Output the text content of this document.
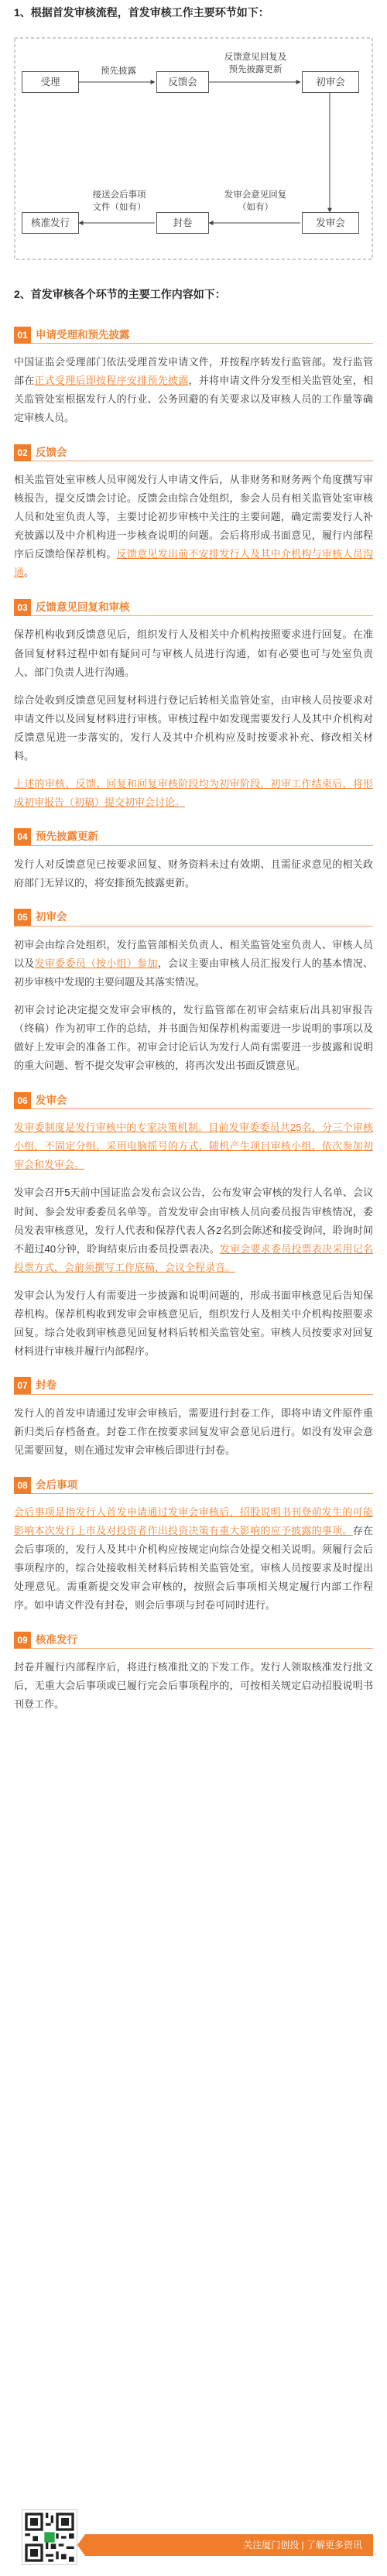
1、根据首发审核流程，首发审核工作主要环节如下：
受理	反馈会	初审会
核准发行	封卷	发审会
预先披露
反馈意见回复及
预先披露更新
接送会后事项
文件（如有）
发审会意见回复
（如有）
2、首发审核各个环节的主要工作内容如下：
01 申请受理和预先披露

中国证监会受理部门依法受理首发申请文件，并按程序转发行监管部。发行监管部在正式受理后即按程序安排预先披露，并将申请文件分发至相关监管处室，相关监管处室根据发行人的行业、公务回避的有关要求以及审核人员的工作量等确定审核人员。

02 反馈会

相关监管处室审核人员审阅发行人申请文件后，从非财务和财务两个角度撰写审核报告，提交反馈会讨论。反馈会由综合处组织，参会人员有相关监管处室审核人员和处室负责人等，主要讨论初步审核中关注的主要问题，确定需要发行人补充披露以及中介机构进一步核查说明的问题。会后将形成书面意见，履行内部程序后反馈给保荐机构。反馈意见发出前不安排发行人及其中介机构与审核人员沟通。

03 反馈意见回复和审核

保荐机构收到反馈意见后，组织发行人及相关中介机构按照要求进行回复。在准备回复材料过程中如有疑问可与审核人员进行沟通，如有必要也可与处室负责人、部门负责人进行沟通。

综合处收到反馈意见回复材料进行登记后转相关监管处室，由审核人员按要求对申请文件以及回复材料进行审核。审核过程中如发现需要发行人及其中介机构对反馈意见进一步落实的，发行人及其中介机构应及时按要求补充、修改相关材料。

上述的审核、反馈、回复和回复审核阶段均为初审阶段，初审工作结束后，将形成初审报告（初稿）提交初审会讨论。

04 预先披露更新

发行人对反馈意见已按要求回复、财务资料未过有效期、且需征求意见的相关政府部门无异议的，将安排预先披露更新。

05 初审会

初审会由综合处组织，发行监管部相关负责人、相关监管处室负责人、审核人员以及发审委委员（按小组）参加，会议主要由审核人员汇报发行人的基本情况、初步审核中发现的主要问题及其落实情况。

初审会讨论决定提交发审会审核的，发行监管部在初审会结束后出具初审报告（终稿）作为初审工作的总结，并书面告知保荐机构需要进一步说明的事项以及做好上发审会的准备工作。初审会讨论后认为发行人尚有需要进一步披露和说明的重大问题、暂不提交发审会审核的，将再次发出书面反馈意见。

06 发审会

发审委制度是发行审核中的专家决策机制。目前发审委委员共25名，分三个审核小组，不固定分组，采用电脑摇号的方式，随机产生项目审核小组，依次参加初审会和发审会。

发审会召开5天前中国证监会发布会议公告，公布发审会审核的发行人名单、会议时间、参会发审委委员名单等。首发发审会由审核人员向委员报告审核情况，委员发表审核意见，发行人代表和保荐代表人各2名到会陈述和接受询问，聆询时间不超过40分钟，聆询结束后由委员投票表决。发审会要求委员投票表决采用记名投票方式，会前须撰写工作底稿，会议全程录音。

发审会认为发行人有需要进一步披露和说明问题的，形成书面审核意见后告知保荐机构。保荐机构收到发审会审核意见后，组织发行人及相关中介机构按照要求回复。综合处收到审核意见回复材料后转相关监管处室。审核人员按要求对回复材料进行审核并履行内部程序。

07 封卷

发行人的首发申请通过发审会审核后，需要进行封卷工作，即将申请文件原件重新归类后存档备查。封卷工作在按要求回复发审会意见后进行。如没有发审会意见需要回复，则在通过发审会审核后即进行封卷。

08 会后事项

会后事项是指发行人首发申请通过发审会审核后，招股说明书刊登前发生的可能影响本次发行上市及对投资者作出投资决策有重大影响的应予披露的事项。存在会后事项的，发行人及其中介机构应按规定向综合处提交相关说明。须履行会后事项程序的，综合处接收相关材料后转相关监管处室。审核人员按要求及时提出处理意见。需重新提交发审会审核的，按照会后事项相关规定履行内部工作程序。如申请文件没有封卷，则会后事项与封卷可同时进行。

09 核准发行

封卷并履行内部程序后，将进行核准批文的下发工作。发行人领取核准发行批文后，无重大会后事项或已履行完会后事项程序的，可按相关规定启动招股说明书刊登工作。

关注厦门创投 | 了解更多资讯
